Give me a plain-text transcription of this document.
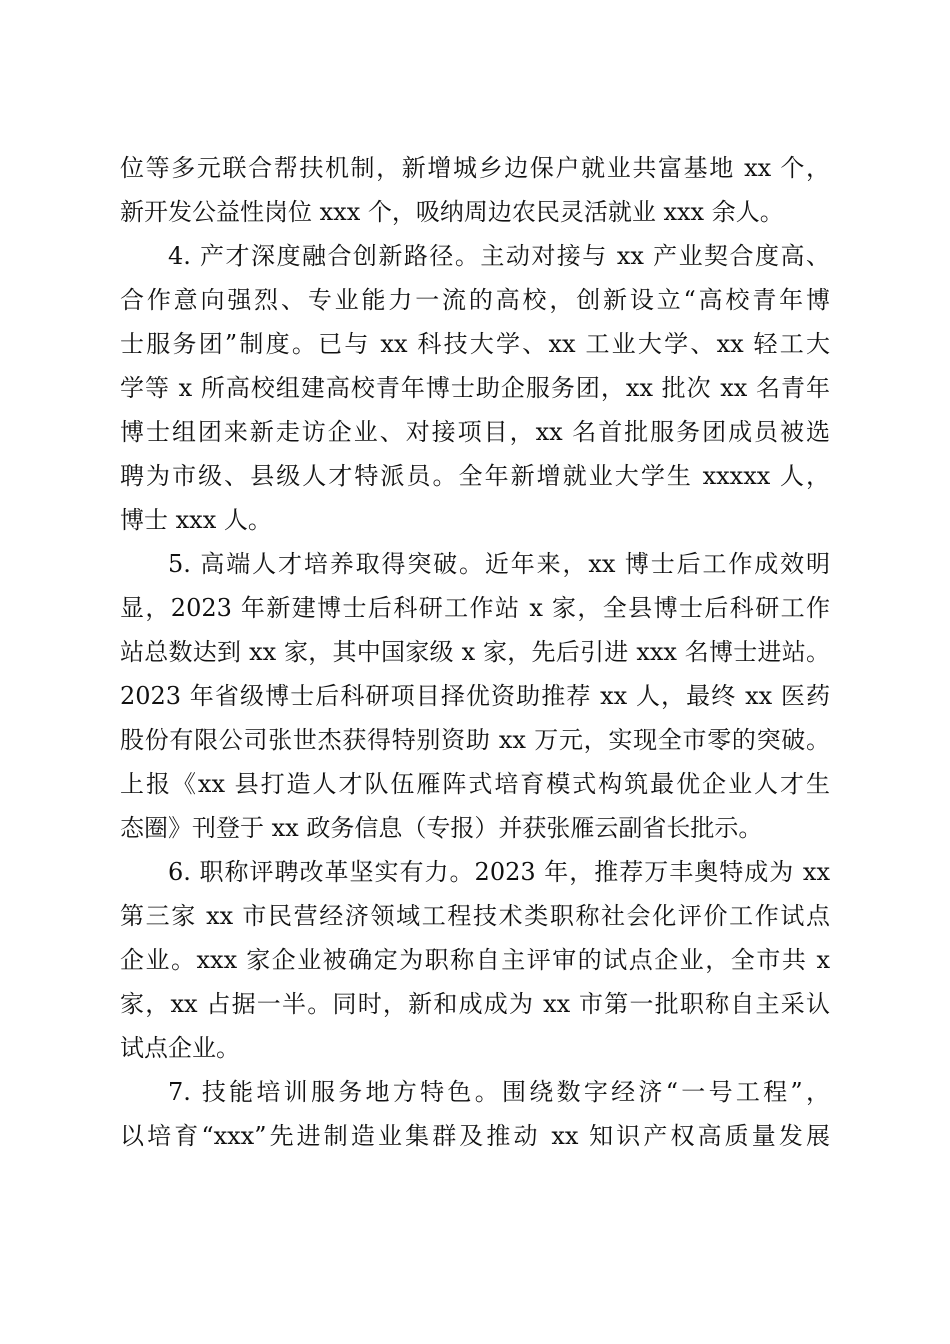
位等多元联合帮扶机制，新增城乡边保户就业共富基地 xx 个，
新开发公益性岗位 xxx 个，吸纳周边农民灵活就业 xxx 余人。
4. 产才深度融合创新路径。主动对接与 xx 产业契合度高、
合作意向强烈、专业能力一流的高校，创新设立“高校青年博
士服务团”制度。已与 xx 科技大学、xx 工业大学、xx 轻工大
学等 x 所高校组建高校青年博士助企服务团，xx 批次 xx 名青年
博士组团来新走访企业、对接项目，xx 名首批服务团成员被选
聘为市级、县级人才特派员。全年新增就业大学生 xxxxx 人，
博士 xxx 人。
5. 高端人才培养取得突破。近年来，xx 博士后工作成效明
显，2023 年新建博士后科研工作站 x 家，全县博士后科研工作
站总数达到 xx 家，其中国家级 x 家，先后引进 xxx 名博士进站。
2023 年省级博士后科研项目择优资助推荐 xx 人，最终 xx 医药
股份有限公司张世杰获得特别资助 xx 万元，实现全市零的突破。
上报《xx 县打造人才队伍雁阵式培育模式构筑最优企业人才生
态圈》刊登于 xx 政务信息（专报）并获张雁云副省长批示。
6. 职称评聘改革坚实有力。2023 年，推荐万丰奥特成为 xx
第三家 xx 市民营经济领域工程技术类职称社会化评价工作试点
企业。xxx 家企业被确定为职称自主评审的试点企业，全市共 x
家，xx 占据一半。同时，新和成成为 xx 市第一批职称自主采认
试点企业。
7. 技能培训服务地方特色。围绕数字经济“一号工程”，
以培育“xxx”先进制造业集群及推动 xx 知识产权高质量发展
